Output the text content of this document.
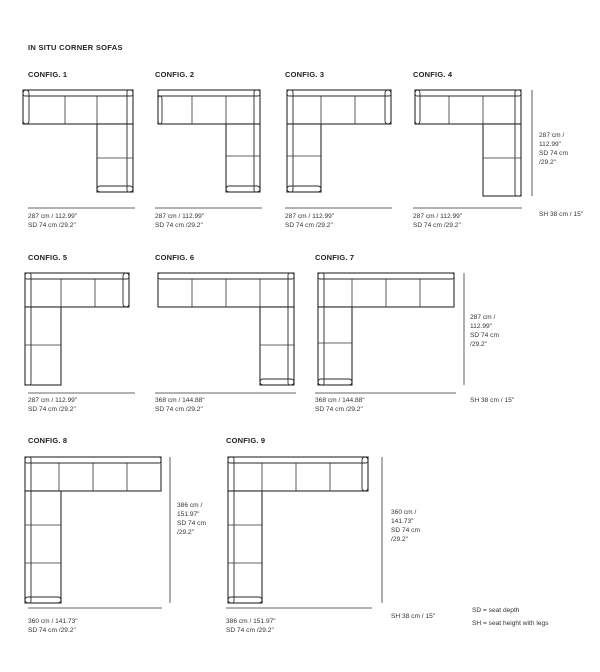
IN SITU CORNER SOFAS
CONFIG. 1	CONFIG. 2	CONFIG. 3	CONFIG. 4
CONFIG. 5	CONFIG. 6	CONFIG. 7
CONFIG. 8	CONFIG. 9
287 cm / 112.99"
SD 74 cm /29.2"
287 cm / 112.99"
SD 74 cm /29.2"
287 cm / 112.99"
SD 74 cm /29.2"
287 cm / 112.99"
SD 74 cm /29.2"
287 cm / 112.99"
SD 74 cm /29.2"
368 cm / 144.88"
SD 74 cm /29.2"
368 cm / 144.88"
SD 74 cm /29.2"
360 cm / 141.73"
SD 74 cm /29.2"
386 cm / 151.97"
SD 74 cm /29.2"
287 cm /
112.99"
SD 74 cm
/29.2"
SH 38 cm / 15"
287 cm /
112.99"
SD 74 cm
/29.2"
SH 38 cm / 15"
386 cm /
151.97"
SD 74 cm
/29.2"
360 cm /
141.73"
SD 74 cm
/29.2"
SH 38 cm / 15"
SD = seat depth
SH = seat height with legs
